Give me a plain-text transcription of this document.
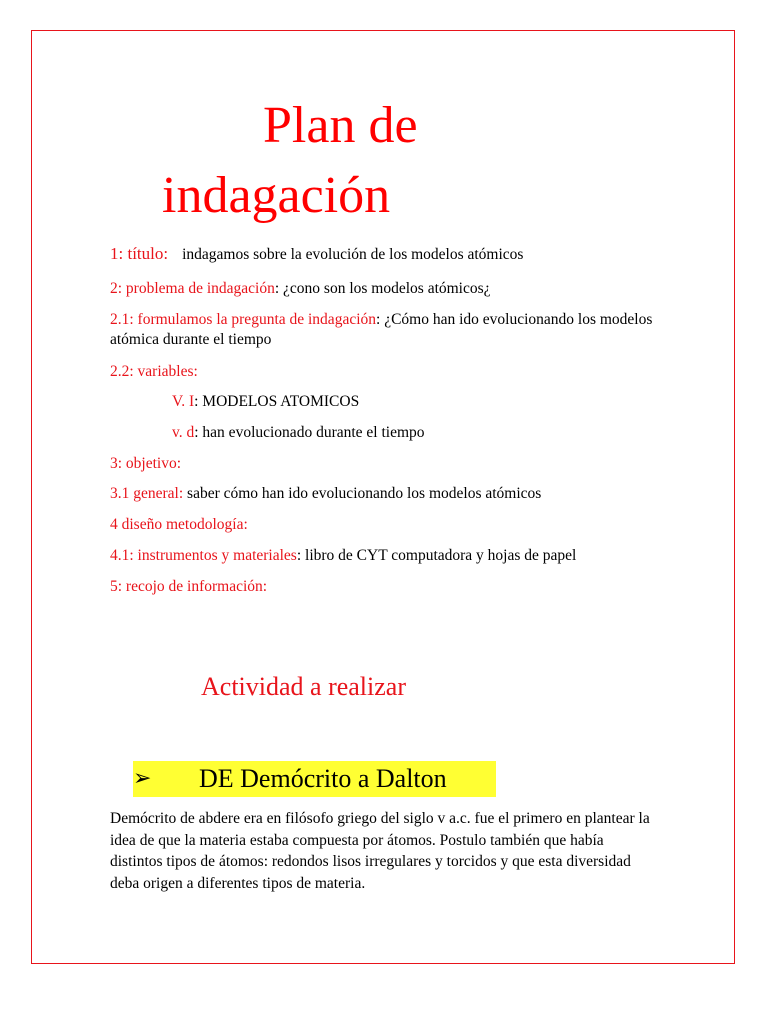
Plan de
indagación
1: título: indagamos sobre la evolución de los modelos atómicos
2: problema de indagación: ¿cono son los modelos atómicos¿
2.1: formulamos la pregunta de indagación: ¿Cómo han ido evolucionando los modelos atómica durante el tiempo
2.2: variables:
V. I: MODELOS ATOMICOS
v. d: han evolucionado durante el tiempo
3: objetivo:
3.1 general: saber cómo han ido evolucionando los modelos atómicos
4 diseño metodología:
4.1: instrumentos y materiales: libro de CYT computadora y hojas de papel
5: recojo de información:
Actividad a realizar
➢	DE Demócrito a Dalton
Demócrito de abdere era en filósofo griego del siglo v a.c. fue el primero en plantear la idea de que la materia estaba compuesta por átomos. Postulo también que había distintos tipos de átomos: redondos lisos irregulares y torcidos y que esta diversidad deba origen a diferentes tipos de materia.
